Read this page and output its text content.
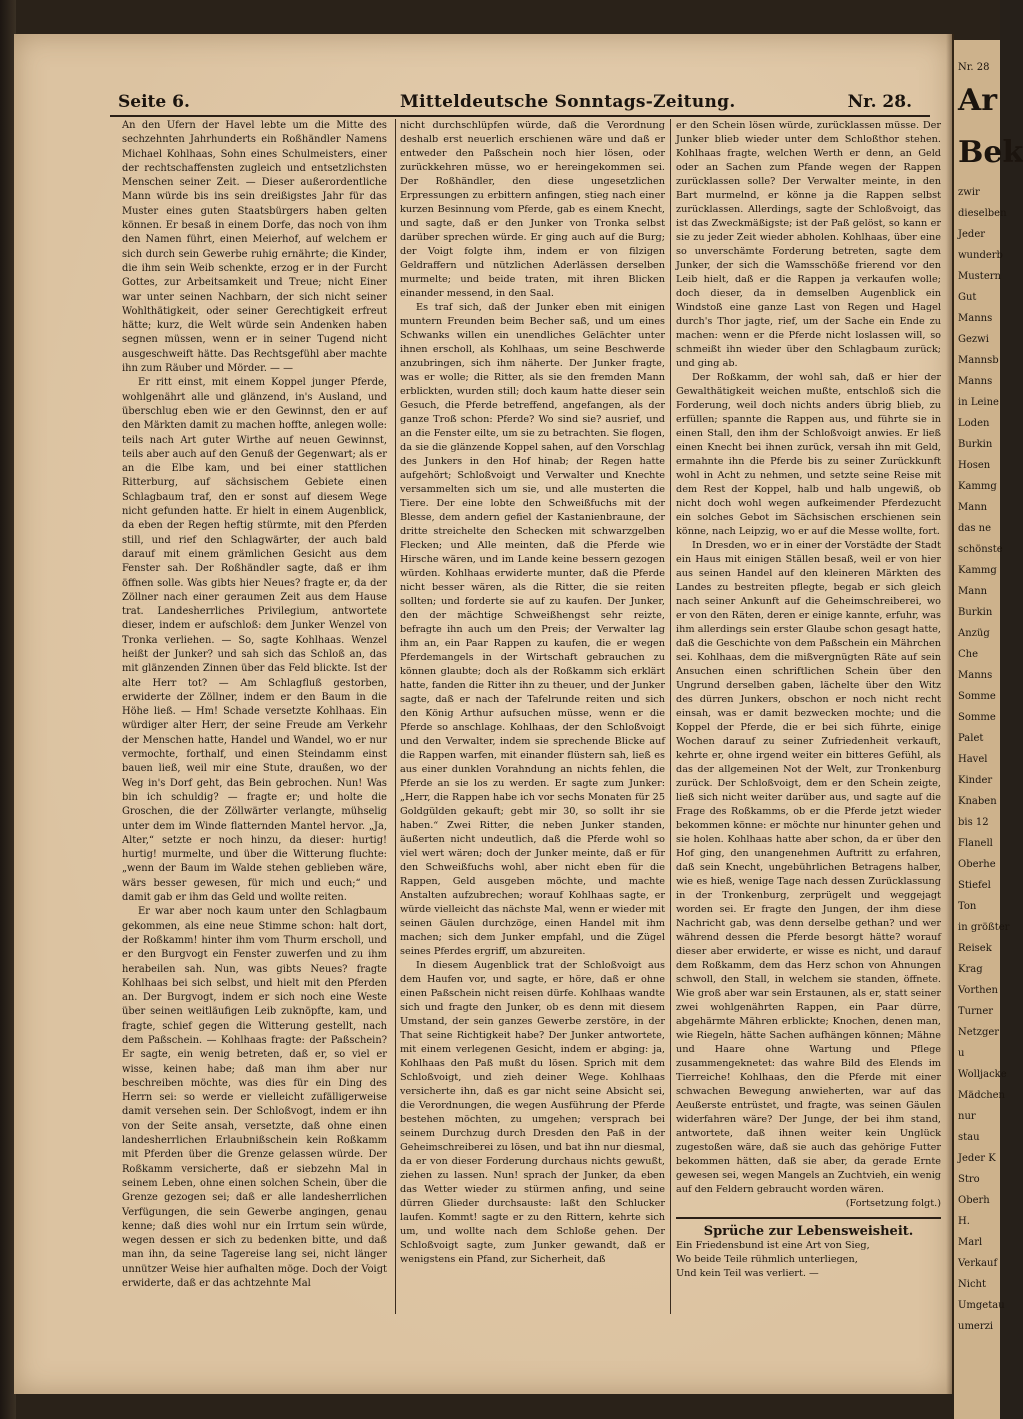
Seite 6.	Mitteldeutsche Sonntags-Zeitung.	Nr. 28.

An den Ufern der Havel lebte um die Mitte des sechzehnten Jahrhunderts ein Roßhändler Namens Michael Kohlhaas, Sohn eines Schulmeisters, einer der rechtschaffensten zugleich und entsetzlichsten Menschen seiner Zeit. — Dieser außerordentliche Mann würde bis ins sein dreißigstes Jahr für das Muster eines guten Staatsbürgers haben gelten können. Er besaß in einem Dorfe, das noch von ihm den Namen führt, einen Meierhof, auf welchem er sich durch sein Gewerbe ruhig ernährte; die Kinder, die ihm sein Weib schenkte, erzog er in der Furcht Gottes, zur Arbeitsamkeit und Treue; nicht Einer war unter seinen Nachbarn, der sich nicht seiner Wohlthätigkeit, oder seiner Gerechtigkeit erfreut hätte; kurz, die Welt würde sein Andenken haben segnen müssen, wenn er in seiner Tugend nicht ausgeschweift hätte. Das Rechtsgefühl aber machte ihn zum Räuber und Mörder. — —

Er ritt einst, mit einem Koppel junger Pferde, wohlgenährt alle und glänzend, in's Ausland, und überschlug eben wie er den Gewinnst, den er auf den Märkten damit zu machen hoffte, anlegen wolle: teils nach Art guter Wirthe auf neuen Gewinnst, teils aber auch auf den Genuß der Gegenwart; als er an die Elbe kam, und bei einer stattlichen Ritterburg, auf sächsischem Gebiete einen Schlagbaum traf, den er sonst auf diesem Wege nicht gefunden hatte. Er hielt in einem Augenblick, da eben der Regen heftig stürmte, mit den Pferden still, und rief den Schlagwärter, der auch bald darauf mit einem grämlichen Gesicht aus dem Fenster sah. Der Roßhändler sagte, daß er ihm öffnen solle. Was gibts hier Neues? fragte er, da der Zöllner nach einer geraumen Zeit aus dem Hause trat. Landesherrliches Privilegium, antwortete dieser, indem er aufschloß: dem Junker Wenzel von Tronka verliehen. — So, sagte Kohlhaas. Wenzel heißt der Junker? und sah sich das Schloß an, das mit glänzenden Zinnen über das Feld blickte. Ist der alte Herr tot? — Am Schlagfluß gestorben, erwiderte der Zöllner, indem er den Baum in die Höhe ließ. — Hm! Schade versetzte Kohlhaas. Ein würdiger alter Herr, der seine Freude am Verkehr der Menschen hatte, Handel und Wandel, wo er nur vermochte, forthalf, und einen Steindamm einst bauen ließ, weil mir eine Stute, draußen, wo der Weg in's Dorf geht, das Bein gebrochen. Nun! Was bin ich schuldig? — fragte er; und holte die Groschen, die der Zöllwärter verlangte, mühselig unter dem im Winde flatternden Mantel hervor. „Ja, Alter,“ setzte er noch hinzu, da dieser: hurtig! hurtig! murmelte, und über die Witterung fluchte: „wenn der Baum im Walde stehen geblieben wäre, wärs besser gewesen, für mich und euch;“ und damit gab er ihm das Geld und wollte reiten.

Er war aber noch kaum unter den Schlagbaum gekommen, als eine neue Stimme schon: halt dort, der Roßkamm! hinter ihm vom Thurm erscholl, und er den Burgvogt ein Fenster zuwerfen und zu ihm herabeilen sah. Nun, was gibts Neues? fragte Kohlhaas bei sich selbst, und hielt mit den Pferden an. Der Burgvogt, indem er sich noch eine Weste über seinen weitläufigen Leib zuknöpfte, kam, und fragte, schief gegen die Witterung gestellt, nach dem Paßschein. — Kohlhaas fragte: der Paßschein? Er sagte, ein wenig betreten, daß er, so viel er wisse, keinen habe; daß man ihm aber nur beschreiben möchte, was dies für ein Ding des Herrn sei: so werde er vielleicht zufälligerweise damit versehen sein. Der Schloßvogt, indem er ihn von der Seite ansah, versetzte, daß ohne einen landesherrlichen Erlaubnißschein kein Roßkamm mit Pferden über die Grenze gelassen würde. Der Roßkamm versicherte, daß er siebzehn Mal in seinem Leben, ohne einen solchen Schein, über die Grenze gezogen sei; daß er alle landesherrlichen Verfügungen, die sein Gewerbe angingen, genau kenne; daß dies wohl nur ein Irrtum sein würde, wegen dessen er sich zu bedenken bitte, und daß man ihn, da seine Tagereise lang sei, nicht länger unnützer Weise hier aufhalten möge. Doch der Voigt erwiderte, daß er das achtzehnte Mal

nicht durchschlüpfen würde, daß die Verordnung deshalb erst neuerlich erschienen wäre und daß er entweder den Paßschein noch hier lösen, oder zurückkehren müsse, wo er hereingekommen sei. Der Roßhändler, den diese ungesetzlichen Erpressungen zu erbittern anfingen, stieg nach einer kurzen Besinnung vom Pferde, gab es einem Knecht, und sagte, daß er den Junker von Tronka selbst darüber sprechen würde. Er ging auch auf die Burg; der Voigt folgte ihm, indem er von filzigen Geldraffern und nützlichen Aderlässen derselben murmelte; und beide traten, mit ihren Blicken einander messend, in den Saal.

Es traf sich, daß der Junker eben mit einigen muntern Freunden beim Becher saß, und um eines Schwanks willen ein unendliches Gelächter unter ihnen erscholl, als Kohlhaas, um seine Beschwerde anzubringen, sich ihm näherte. Der Junker fragte, was er wolle; die Ritter, als sie den fremden Mann erblickten, wurden still; doch kaum hatte dieser sein Gesuch, die Pferde betreffend, angefangen, als der ganze Troß schon: Pferde? Wo sind sie? ausrief, und an die Fenster eilte, um sie zu betrachten. Sie flogen, da sie die glänzende Koppel sahen, auf den Vorschlag des Junkers in den Hof hinab; der Regen hatte aufgehört; Schloßvoigt und Verwalter und Knechte versammelten sich um sie, und alle musterten die Tiere. Der eine lobte den Schweißfuchs mit der Blesse, dem andern gefiel der Kastanienbraune, der dritte streichelte den Schecken mit schwarzgelben Flecken; und Alle meinten, daß die Pferde wie Hirsche wären, und im Lande keine bessern gezogen würden. Kohlhaas erwiderte munter, daß die Pferde nicht besser wären, als die Ritter, die sie reiten sollten; und forderte sie auf zu kaufen. Der Junker, den der mächtige Schweißhengst sehr reizte, befragte ihn auch um den Preis; der Verwalter lag ihm an, ein Paar Rappen zu kaufen, die er wegen Pferdemangels in der Wirtschaft gebrauchen zu können glaubte; doch als der Roßkamm sich erklärt hatte, fanden die Ritter ihn zu theuer, und der Junker sagte, daß er nach der Tafelrunde reiten und sich den König Arthur aufsuchen müsse, wenn er die Pferde so anschlage. Kohlhaas, der den Schloßvoigt und den Verwalter, indem sie sprechende Blicke auf die Rappen warfen, mit einander flüstern sah, ließ es aus einer dunklen Vorahndung an nichts fehlen, die Pferde an sie los zu werden. Er sagte zum Junker: „Herr, die Rappen habe ich vor sechs Monaten für 25 Goldgülden gekauft; gebt mir 30, so sollt ihr sie haben.“ Zwei Ritter, die neben Junker standen, äußerten nicht undeutlich, daß die Pferde wohl so viel wert wären; doch der Junker meinte, daß er für den Schweißfuchs wohl, aber nicht eben für die Rappen, Geld ausgeben möchte, und machte Anstalten aufzubrechen; worauf Kohlhaas sagte, er würde vielleicht das nächste Mal, wenn er wieder mit seinen Gäulen durchzöge, einen Handel mit ihm machen; sich dem Junker empfahl, und die Zügel seines Pferdes ergriff, um abzureiten.

In diesem Augenblick trat der Schloßvoigt aus dem Haufen vor, und sagte, er höre, daß er ohne einen Paßschein nicht reisen dürfe. Kohlhaas wandte sich und fragte den Junker, ob es denn mit diesem Umstand, der sein ganzes Gewerbe zerstöre, in der That seine Richtigkeit habe? Der Junker antwortete, mit einem verlegenen Gesicht, indem er abging: ja, Kohlhaas den Paß mußt du lösen. Sprich mit dem Schloßvoigt, und zieh deiner Wege. Kohlhaas versicherte ihn, daß es gar nicht seine Absicht sei, die Verordnungen, die wegen Ausführung der Pferde bestehen möchten, zu umgehen; versprach bei seinem Durchzug durch Dresden den Paß in der Geheimschreiberei zu lösen, und bat ihn nur diesmal, da er von dieser Forderung durchaus nichts gewußt, ziehen zu lassen. Nun! sprach der Junker, da eben das Wetter wieder zu stürmen anfing, und seine dürren Glieder durchsauste: laßt den Schlucker laufen. Kommt! sagte er zu den Rittern, kehrte sich um, und wollte nach dem Schloße gehen. Der Schloßvoigt sagte, zum Junker gewandt, daß er wenigstens ein Pfand, zur Sicherheit, daß

er den Schein lösen würde, zurücklassen müsse. Der Junker blieb wieder unter dem Schloßthor stehen. Kohlhaas fragte, welchen Werth er denn, an Geld oder an Sachen zum Pfande wegen der Rappen zurücklassen solle? Der Verwalter meinte, in den Bart murmelnd, er könne ja die Rappen selbst zurücklassen. Allerdings, sagte der Schloßvoigt, das ist das Zweckmäßigste; ist der Paß gelöst, so kann er sie zu jeder Zeit wieder abholen. Kohlhaas, über eine so unverschämte Forderung betreten, sagte dem Junker, der sich die Wamsschöße frierend vor den Leib hielt, daß er die Rappen ja verkaufen wolle; doch dieser, da in demselben Augenblick ein Windstoß eine ganze Last von Regen und Hagel durch's Thor jagte, rief, um der Sache ein Ende zu machen: wenn er die Pferde nicht loslassen will, so schmeißt ihn wieder über den Schlagbaum zurück; und ging ab.

Der Roßkamm, der wohl sah, daß er hier der Gewalthätigkeit weichen mußte, entschloß sich die Forderung, weil doch nichts anders übrig blieb, zu erfüllen; spannte die Rappen aus, und führte sie in einen Stall, den ihm der Schloßvoigt anwies. Er ließ einen Knecht bei ihnen zurück, versah ihn mit Geld, ermahnte ihn die Pferde bis zu seiner Zurückkunft wohl in Acht zu nehmen, und setzte seine Reise mit dem Rest der Koppel, halb und halb ungewiß, ob nicht doch wohl wegen aufkeimender Pferdezucht ein solches Gebot im Sächsischen erschienen sein könne, nach Leipzig, wo er auf die Messe wollte, fort.

In Dresden, wo er in einer der Vorstädte der Stadt ein Haus mit einigen Ställen besaß, weil er von hier aus seinen Handel auf den kleineren Märkten des Landes zu bestreiten pflegte, begab er sich gleich nach seiner Ankunft auf die Geheimschreiberei, wo er von den Räten, deren er einige kannte, erfuhr, was ihm allerdings sein erster Glaube schon gesagt hatte, daß die Geschichte von dem Paßschein ein Mährchen sei. Kohlhaas, dem die mißvergnügten Räte auf sein Ansuchen einen schriftlichen Schein über den Ungrund derselben gaben, lächelte über den Witz des dürren Junkers, obschon er noch nicht recht einsah, was er damit bezwecken mochte; und die Koppel der Pferde, die er bei sich führte, einige Wochen darauf zu seiner Zufriedenheit verkauft, kehrte er, ohne irgend weiter ein bitteres Gefühl, als das der allgemeinen Not der Welt, zur Tronkenburg zurück. Der Schloßvoigt, dem er den Schein zeigte, ließ sich nicht weiter darüber aus, und sagte auf die Frage des Roßkamms, ob er die Pferde jetzt wieder bekommen könne: er möchte nur hinunter gehen und sie holen. Kohlhaas hatte aber schon, da er über den Hof ging, den unangenehmen Auftritt zu erfahren, daß sein Knecht, ungebührlichen Betragens halber, wie es hieß, wenige Tage nach dessen Zurücklassung in der Tronkenburg, zerprügelt und weggejagt worden sei. Er fragte den Jungen, der ihm diese Nachricht gab, was denn derselbe gethan? und wer während dessen die Pferde besorgt hätte? worauf dieser aber erwiderte, er wisse es nicht, und darauf dem Roßkamm, dem das Herz schon von Ahnungen schwoll, den Stall, in welchem sie standen, öffnete. Wie groß aber war sein Erstaunen, als er, statt seiner zwei wohlgenährten Rappen, ein Paar dürre, abgehärmte Mähren erblickte; Knochen, denen man, wie Riegeln, hätte Sachen aufhängen können; Mähne und Haare ohne Wartung und Pflege zusammengeknetet: das wahre Bild des Elends im Tierreiche! Kohlhaas, den die Pferde mit einer schwachen Bewegung anwieherten, war auf das Aeußerste entrüstet, und fragte, was seinen Gäulen widerfahren wäre? Der Junge, der bei ihm stand, antwortete, daß ihnen weiter kein Unglück zugestoßen wäre, daß sie auch das gehörige Futter bekommen hätten, daß sie aber, da gerade Ernte gewesen sei, wegen Mangels an Zuchtvieh, ein wenig auf den Feldern gebraucht worden wären.

(Fortsetzung folgt.)
Sprüche zur Lebensweisheit.

Ein Friedensbund ist eine Art von Sieg,

Wo beide Teile rühmlich unterliegen,

Und kein Teil was verliert. —

Nr. 28
Ar
Bek
zwir
dieselben
Jeder
wunderb
Mustern
Gut
Manns
Gezwi
Mannsb
Manns
in Leine
Loden
Burkin
Hosen
Kammg
Mann
das ne
schönste
Kammg
Mann
Burkin
Anzüg
Che
Manns
Somme
Somme
Palet
Havel
Kinder
Knaben
bis 12
Flanell
Oberhe
Stiefel
Ton
in größter
Reisek
Krag
Vorthen
Turner
Netzger
u
Wolljacke
Mädchen
nur
stau
Jeder K
Stro
Oberh
H.
Marl
Verkauf
Nicht
Umgetau
umerzi
